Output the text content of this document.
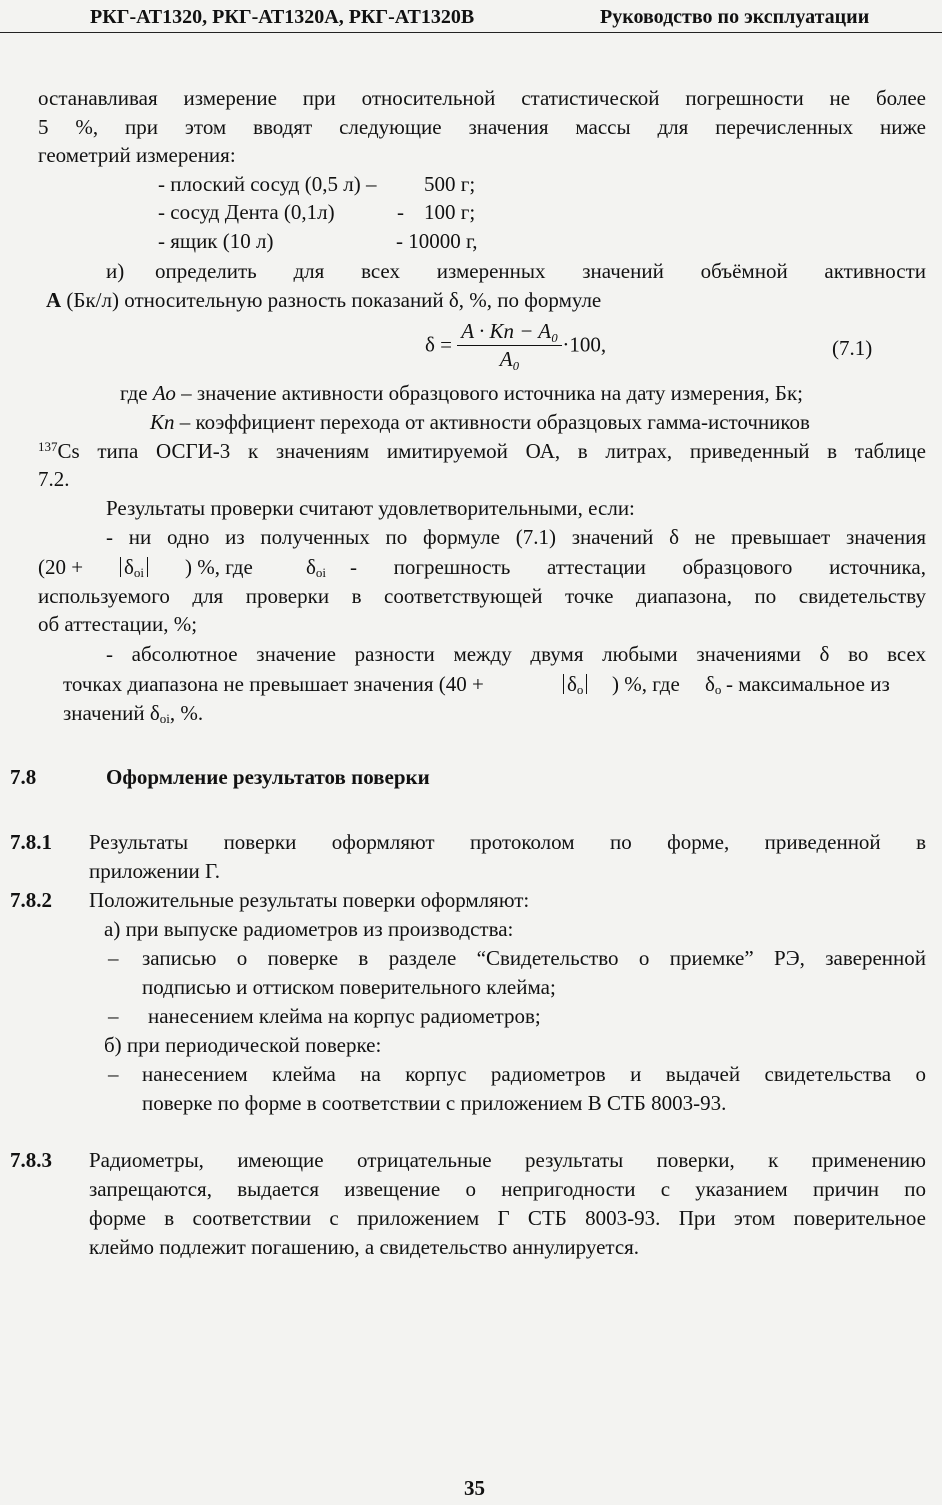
РКГ-АТ1320, РКГ-АТ1320А, РКГ-АТ1320В	Руководство по эксплуатации
останавливая измерение при относительной статистической погрешности не более
5 %, при этом вводят следующие значения массы для перечисленных ниже
геометрий измерения:
- плоский сосуд (0,5 л) – 500 г;
- сосуд Дента (0,1л)	- 100 г;
- ящик (10 л)	- 10000 г,
и) определить для всех измеренных значений объёмной активности
А (Бк/л) относительную разность показаний δ, %, по формуле
$\delta = \frac{\text{A · Kn − A₀}}{\text{A₀}} \cdot 100$,	(7.1)
где Ао – значение активности образцового источника на дату измерения, Бк;
Кп – коэффициент перехода от активности образцовых гамма-источников
$^{137}$Cs типа ОСГИ-3 к значениям имитируемой ОА, в литрах, приведенный в таблице
7.2.
Результаты проверки считают удовлетворительными, если:
- ни одно из полученных по формуле (7.1) значений δ не превышает значения
($20 + \delta_{oi}$ ) %, где	$\delta_{oi}$ - погрешность аттестации образцового источника,
используемого для проверки в соответствующей точке диапазона, по свидетельству
об аттестации, %;
- абсолютное значение разности между двумя любыми значениями δ во всех
точках диапазона не превышает значения (40 +	$\delta_о$ ) %, где $\delta_о$ - максимальное из
значений $\delta_{oi}$, %.
7.8	Оформление результатов поверки
7.8.1 Результаты поверки оформляют протоколом по форме, приведенной в
приложении Г.
7.8.2 Положительные результаты поверки оформляют:
а) при выпуске радиометров из производства:
– записью о поверке в разделе “Свидетельство о приемке” РЭ, заверенной
подписью и оттиском поверительного клейма;
– нанесением клейма на корпус радиометров;
б) при периодической поверке:
– нанесением клейма на корпус радиометров и выдачей свидетельства о
поверке по форме в соответствии с приложением В СТБ 8003-93.
7.8.3 Радиометры, имеющие отрицательные результаты поверки, к применению
запрещаются, выдается извещение о непригодности с указанием причин по
форме в соответствии с приложением Г СТБ 8003-93. При этом поверительное
клеймо подлежит погашению, а свидетельство аннулируется.
35
